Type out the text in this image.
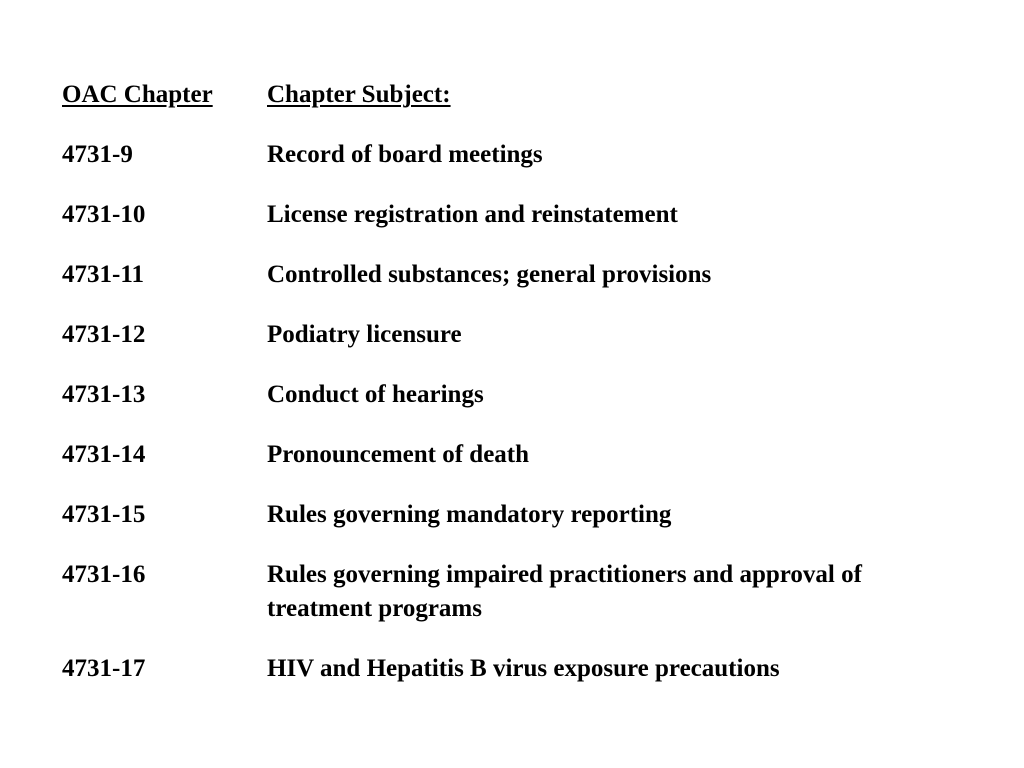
OAC Chapter	Chapter Subject:
4731-9	Record of board meetings
4731-10	License registration and reinstatement
4731-11	Controlled substances; general provisions
4731-12	Podiatry licensure
4731-13	Conduct of hearings
4731-14	Pronouncement of death
4731-15	Rules governing mandatory reporting
4731-16	Rules governing impaired practitioners and approval of treatment programs
4731-17	HIV and Hepatitis B virus exposure precautions
